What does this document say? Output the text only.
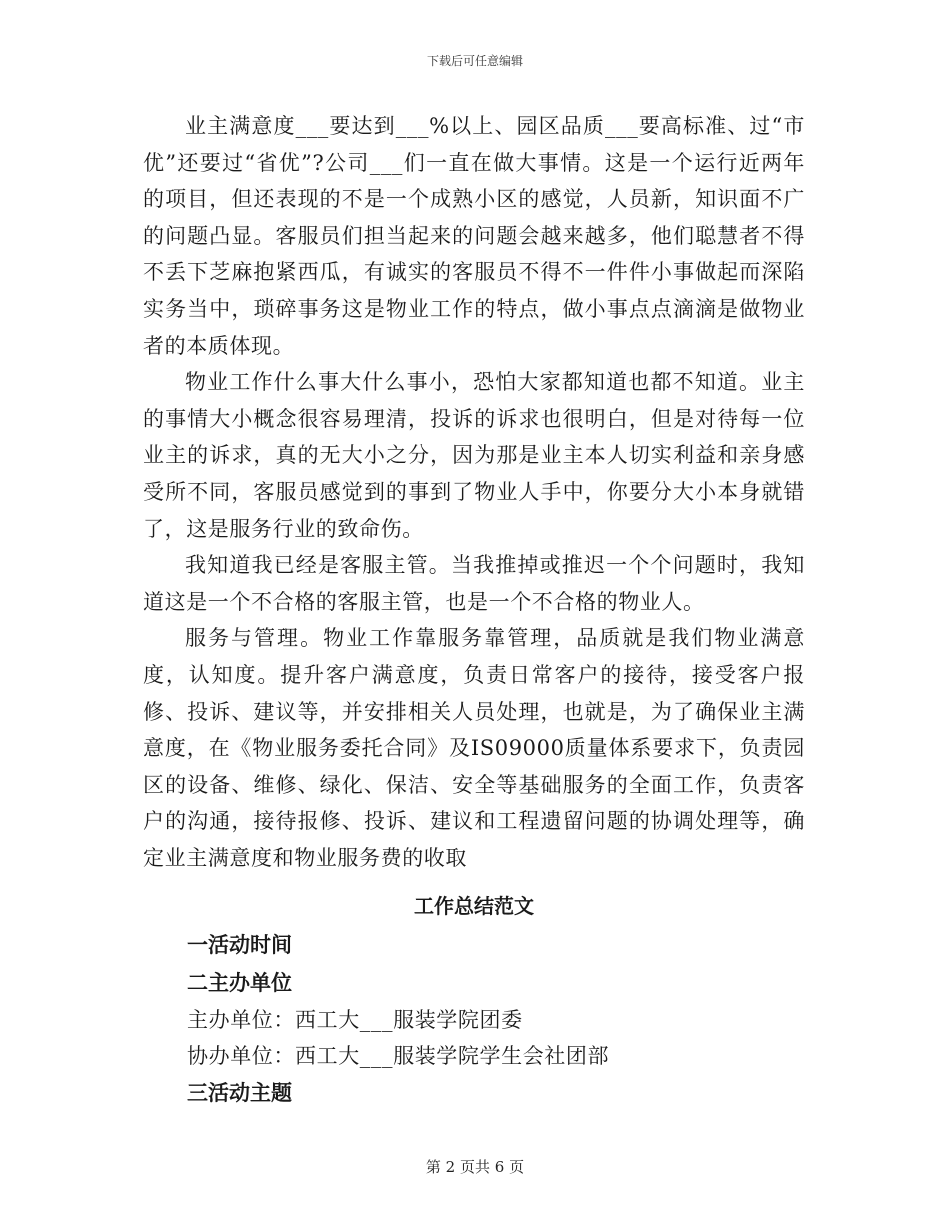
下载后可任意编辑

业主满意度___要达到___%以上、园区品质___要高标准、过“市优”还要过“省优”?公司___们一直在做大事情。这是一个运行近两年的项目，但还表现的不是一个成熟小区的感觉，人员新，知识面不广的问题凸显。客服员们担当起来的问题会越来越多，他们聪慧者不得不丢下芝麻抱紧西瓜，有诚实的客服员不得不一件件小事做起而深陷实务当中，琐碎事务这是物业工作的特点，做小事点点滴滴是做物业者的本质体现。

物业工作什么事大什么事小，恐怕大家都知道也都不知道。业主的事情大小概念很容易理清，投诉的诉求也很明白，但是对待每一位业主的诉求，真的无大小之分，因为那是业主本人切实利益和亲身感受所不同，客服员感觉到的事到了物业人手中，你要分大小本身就错了，这是服务行业的致命伤。

我知道我已经是客服主管。当我推掉或推迟一个个问题时，我知道这是一个不合格的客服主管，也是一个不合格的物业人。

服务与管理。物业工作靠服务靠管理，品质就是我们物业满意度，认知度。提升客户满意度，负责日常客户的接待，接受客户报修、投诉、建议等，并安排相关人员处理，也就是，为了确保业主满意度，在《物业服务委托合同》及IS09000质量体系要求下，负责园区的设备、维修、绿化、保洁、安全等基础服务的全面工作，负责客户的沟通，接待报修、投诉、建议和工程遗留问题的协调处理等，确定业主满意度和物业服务费的收取

工作总结范文
一活动时间
二主办单位
主办单位：西工大___服装学院团委
协办单位：西工大___服装学院学生会社团部
三活动主题
第 2 页共 6 页
